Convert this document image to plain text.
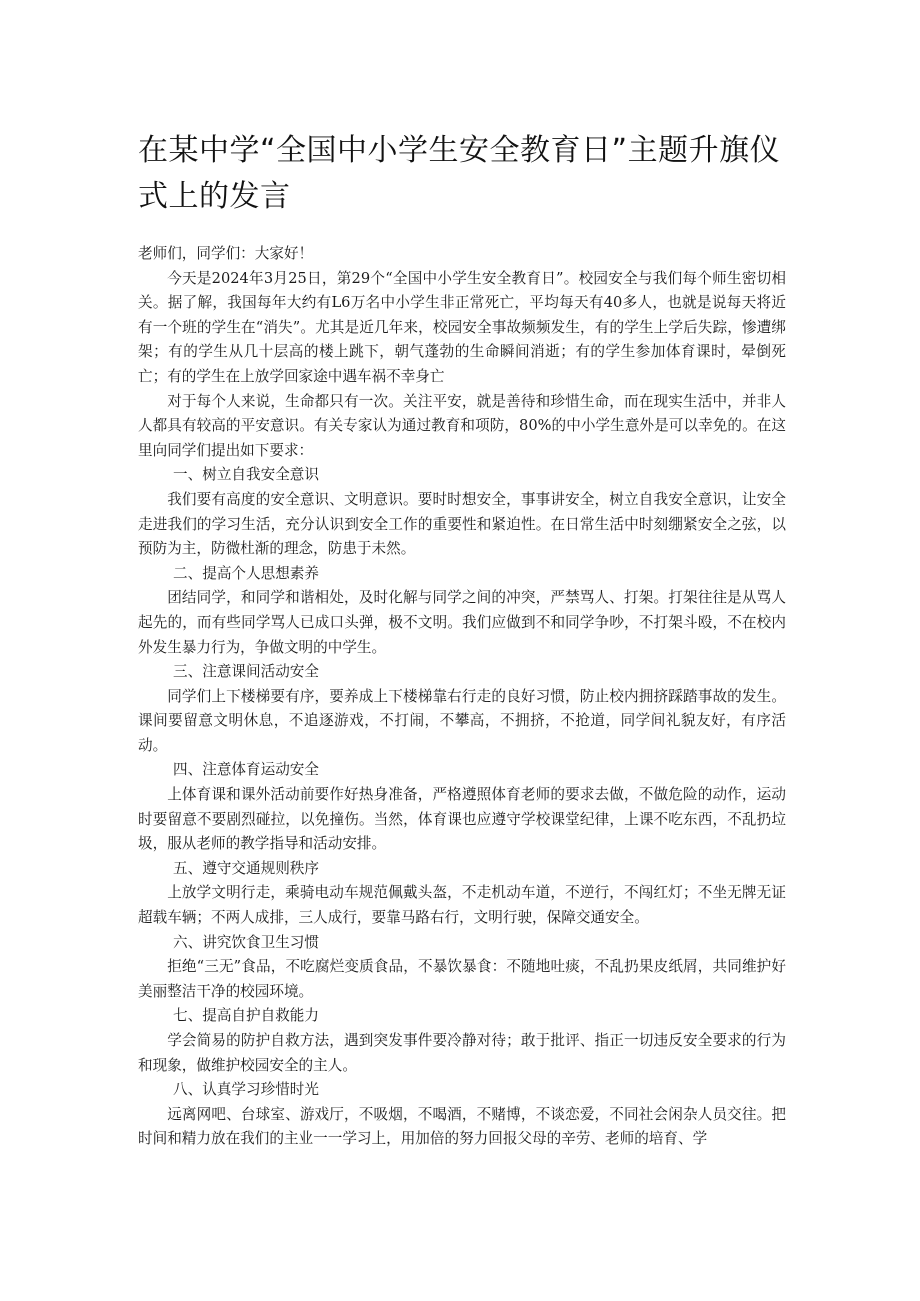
在某中学“全国中小学生安全教育日”主题升旗仪式上的发言

老师们，同学们：大家好！

今天是2024年3月25日，第29个“全国中小学生安全教育日”。校园安全与我们每个师生密切相关。据了解，我国每年大约有L6万名中小学生非正常死亡，平均每天有40多人，也就是说每天将近有一个班的学生在“消失”。尤其是近几年来，校园安全事故频频发生，有的学生上学后失踪，惨遭绑架；有的学生从几十层高的楼上跳下，朝气蓬勃的生命瞬间消逝；有的学生参加体育课时，晕倒死亡；有的学生在上放学回家途中遇车祸不幸身亡

对于每个人来说，生命都只有一次。关注平安，就是善待和珍惜生命，而在现实生活中，并非人人都具有较高的平安意识。有关专家认为通过教育和项防，80%的中小学生意外是可以幸免的。在这里向同学们提出如下要求：

一、树立自我安全意识

我们要有高度的安全意识、文明意识。要时时想安全，事事讲安全，树立自我安全意识，让安全走进我们的学习生活，充分认识到安全工作的重要性和紧迫性。在日常生活中时刻绷紧安全之弦，以预防为主，防微杜渐的理念，防患于未然。

二、提高个人思想素养

团结同学，和同学和谐相处，及时化解与同学之间的冲突，严禁骂人、打架。打架往往是从骂人起先的，而有些同学骂人已成口头弹，极不文明。我们应做到不和同学争吵，不打架斗殴，不在校内外发生暴力行为，争做文明的中学生。

三、注意课间活动安全

同学们上下楼梯要有序，要养成上下楼梯靠右行走的良好习惯，防止校内拥挤踩踏事故的发生。课间要留意文明休息，不追逐游戏，不打闹，不攀高，不拥挤，不抢道，同学间礼貌友好，有序活动。

四、注意体育运动安全

上体育课和课外活动前要作好热身准备，严格遵照体育老师的要求去做，不做危险的动作，运动时要留意不要剧烈碰拉，以免撞伤。当然，体育课也应遵守学校课堂纪律，上课不吃东西，不乱扔垃圾，服从老师的教学指导和活动安排。

五、遵守交通规则秩序

上放学文明行走，乘骑电动车规范佩戴头盔，不走机动车道，不逆行，不闯红灯；不坐无牌无证超载车辆；不两人成排，三人成行，要靠马路右行，文明行驶，保障交通安全。

六、讲究饮食卫生习惯

拒绝“三无”食品，不吃腐烂变质食品，不暴饮暴食：不随地吐痰，不乱扔果皮纸屑，共同维护好美丽整洁干净的校园环境。

七、提高自护自救能力

学会简易的防护自救方法，遇到突发事件要冷静对待；敢于批评、指正一切违反安全要求的行为和现象，做维护校园安全的主人。

八、认真学习珍惜时光

远离网吧、台球室、游戏厅，不吸烟，不喝酒，不赌博，不谈恋爱，不同社会闲杂人员交往。把时间和精力放在我们的主业一一学习上，用加倍的努力回报父母的辛劳、老师的培育、学
